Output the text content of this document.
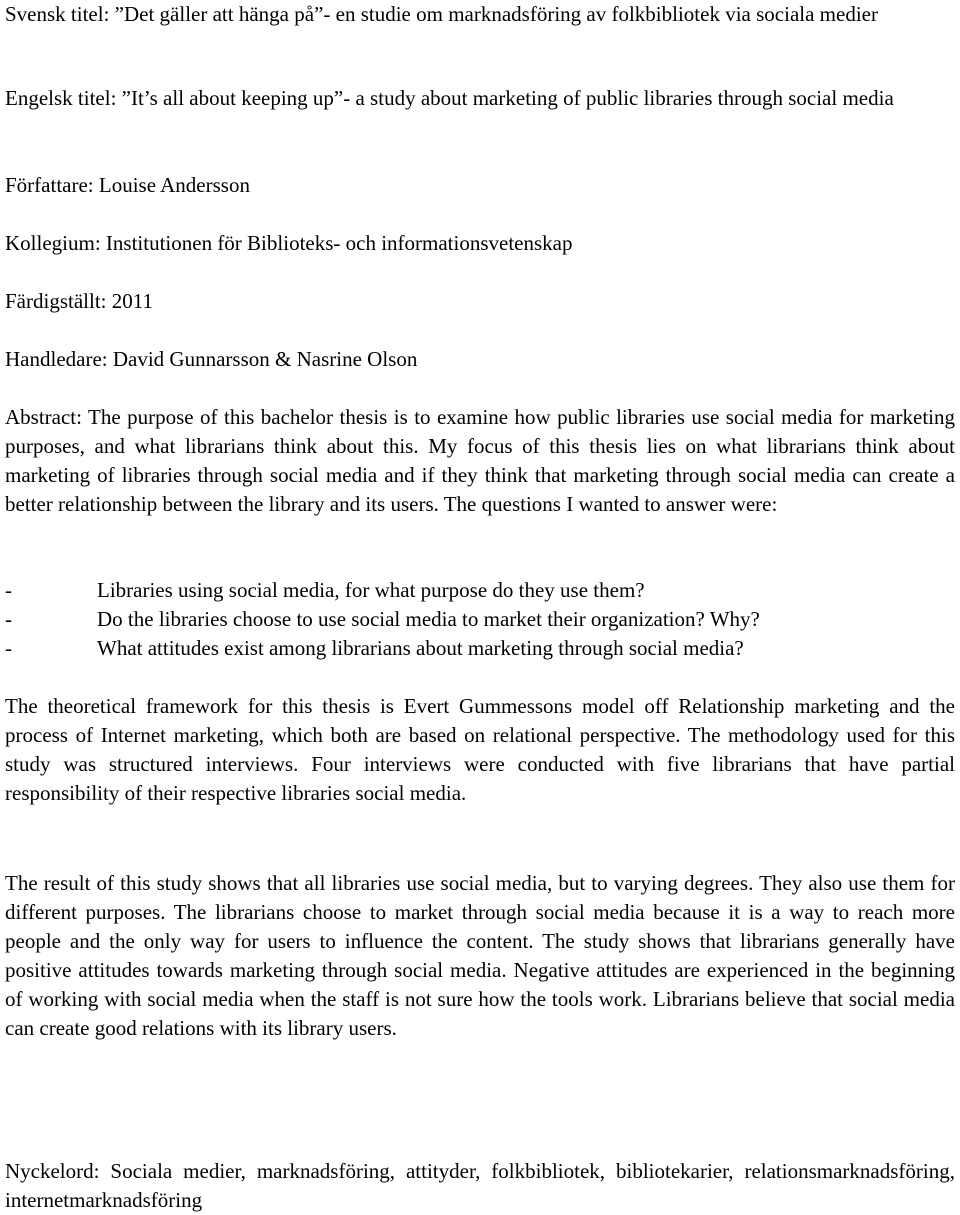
Svensk titel: ”Det gäller att hänga på”- en studie om marknadsföring av folkbibliotek via sociala medier

Engelsk titel: ”It’s all about keeping up”- a study about marketing of public libraries through social media

Författare: Louise Andersson

Kollegium: Institutionen för Biblioteks- och informationsvetenskap

Färdigställt: 2011

Handledare: David Gunnarsson & Nasrine Olson

Abstract: The purpose of this bachelor thesis is to examine how public libraries use social media for marketing purposes, and what librarians think about this. My focus of this thesis lies on what librarians think about marketing of libraries through social media and if they think that marketing through social media can create a better relationship between the library and its users. The questions I wanted to answer were:

-	Libraries using social media, for what purpose do they use them?
-	Do the libraries choose to use social media to market their organization? Why?
-	What attitudes exist among librarians about marketing through social media?

The theoretical framework for this thesis is Evert Gummessons model off Relationship marketing and the process of Internet marketing, which both are based on relational perspective. The methodology used for this study was structured interviews. Four interviews were conducted with five librarians that have partial responsibility of their respective libraries social media.

The result of this study shows that all libraries use social media, but to varying degrees. They also use them for different purposes. The librarians choose to market through social media because it is a way to reach more people and the only way for users to influence the content. The study shows that librarians generally have positive attitudes towards marketing through social media. Negative attitudes are experienced in the beginning of working with social media when the staff is not sure how the tools work. Librarians believe that social media can create good relations with its library users.

Nyckelord: Sociala medier, marknadsföring, attityder, folkbibliotek, bibliotekarier, relationsmarknadsföring, internetmarknadsföring
